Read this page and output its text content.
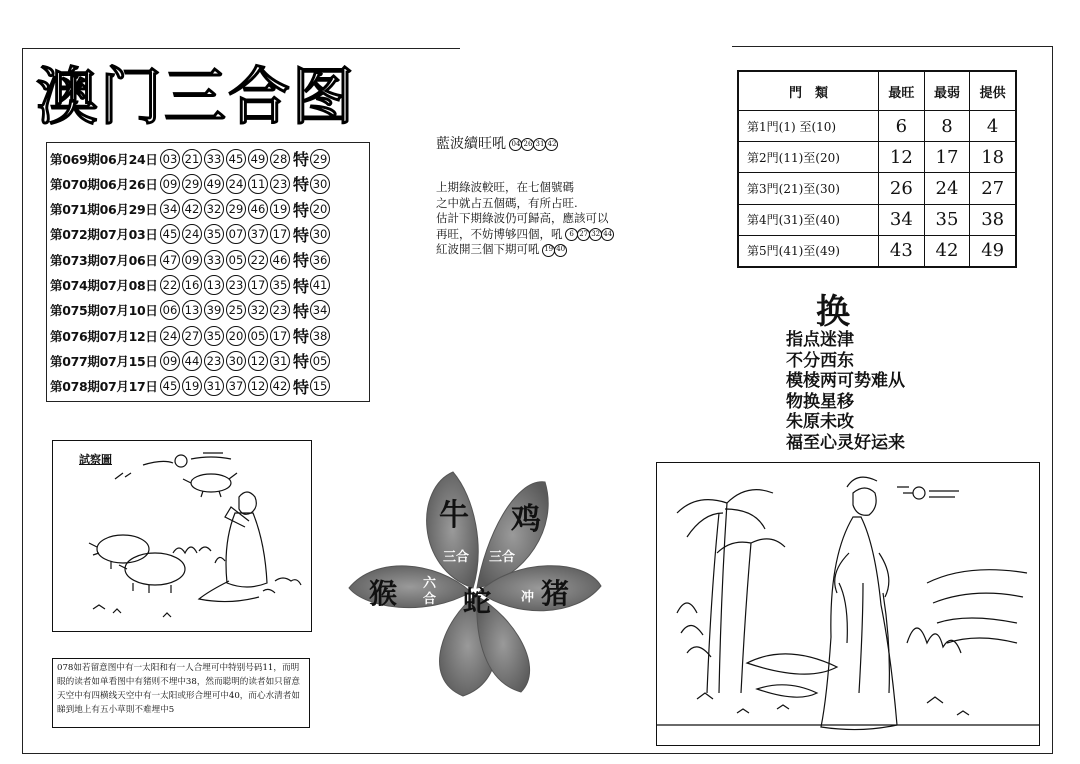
澳门三合图
第069期06月24日 03 21 33 45 49 28 特 29
第070期06月26日 09 29 49 24 11 23 特 30
第071期06月29日 34 42 32 29 46 19 特 20
第072期07月03日 45 24 35 07 37 17 特 30
第073期07月06日 47 09 33 05 22 46 特 36
第074期07月08日 22 16 13 23 17 35 特 41
第075期07月10日 06 13 39 25 32 23 特 34
第076期07月12日 24 27 35 20 05 17 特 38
第077期07月15日 09 44 23 30 12 31 特 05
第078期07月17日 45 19 31 37 12 42 特 15
藍波續旺吼 04 26 31 42
上期綠波較旺，在七個號碼
之中就占五個碼，有所占旺.
估計下期綠波仍可歸高，應該可以
再旺，不妨博够四個，吼 6 27 32 44
紅波開三個下期可吼 19 40
門　類	最旺	最弱	提供
第1門(1) 至(10)	6	8	4
第2門(11)至(20)	12	17	18
第3門(21)至(30)	26	24	27
第4門(31)至(40)	34	35	38
第5門(41)至(49)	43	42	49
换
指点迷津
不分西东
模棱两可势难从
物换星移
朱原未改
福至心灵好运来
試察圖
078如若留意图中有一太阳和有一人合埋可中特别号码11，而明眼的读者如单看图中有猪则不埋中38，然而聪明的读者如只留意天空中有四横线天空中有一太阳或形合埋可中40，而心水清者如睇到地上有五小草則不难埋中5
牛 鸡
猴	猪
蛇
三合 三合
六合	冲
